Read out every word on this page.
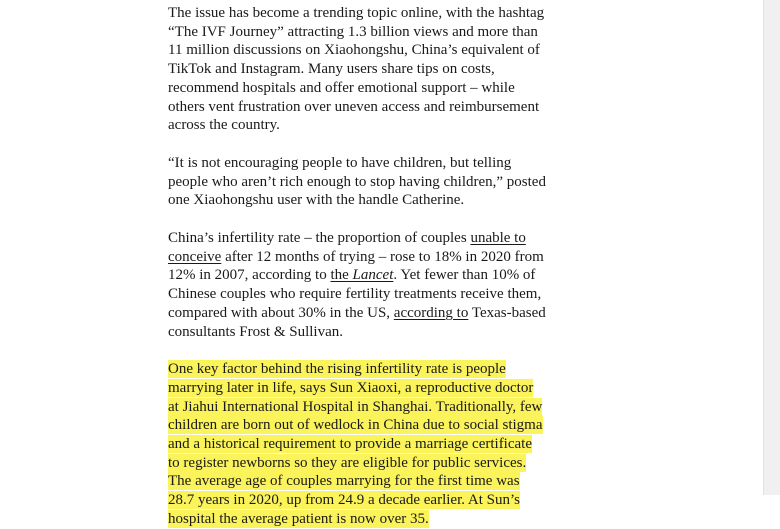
The issue has become a trending topic online, with the hashtag “The IVF Journey” attracting 1.3 billion views and more than 11 million discussions on Xiaohongshu, China’s equivalent of TikTok and Instagram. Many users share tips on costs, recommend hospitals and offer emotional support – while others vent frustration over uneven access and reimbursement across the country.

“It is not encouraging people to have children, but telling people who aren’t rich enough to stop having children,” posted one Xiaohongshu user with the handle Catherine.

China’s infertility rate – the proportion of couples unable to conceive after 12 months of trying – rose to 18% in 2020 from 12% in 2007, according to the Lancet. Yet fewer than 10% of Chinese couples who require fertility treatments receive them, compared with about 30% in the US, according to Texas-based consultants Frost & Sullivan.

One key factor behind the rising infertility rate is people marrying later in life, says Sun Xiaoxi, a reproductive doctor at Jiahui International Hospital in Shanghai. Traditionally, few children are born out of wedlock in China due to social stigma and a historical requirement to provide a marriage certificate to register newborns so they are eligible for public services. The average age of couples marrying for the first time was 28.7 years in 2020, up from 24.9 a decade earlier. At Sun’s hospital the average patient is now over 35.
